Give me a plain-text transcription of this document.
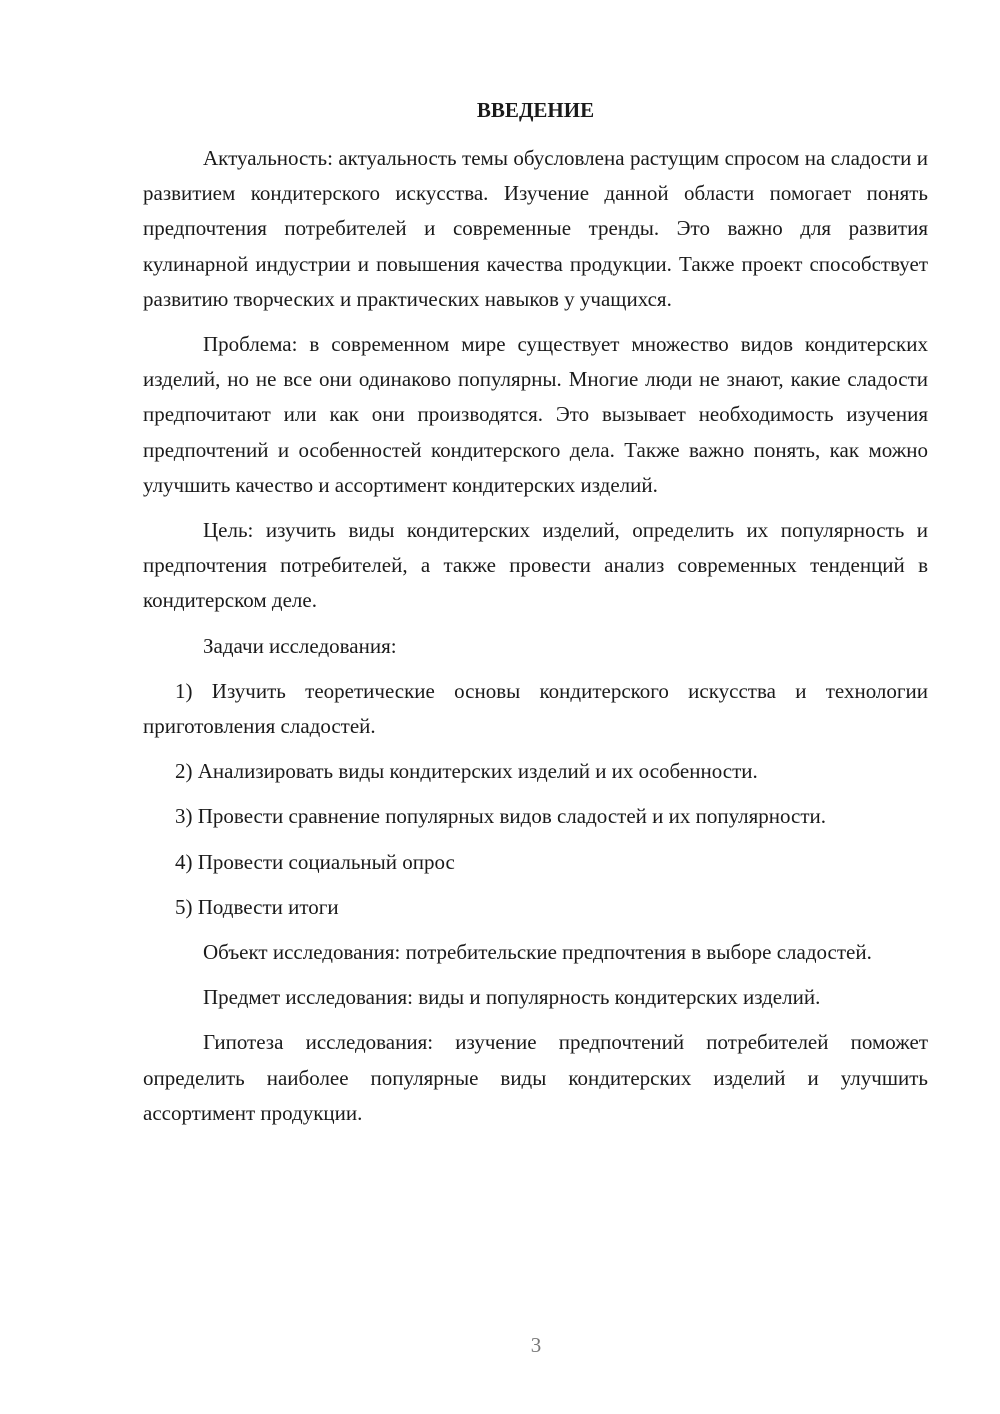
ВВЕДЕНИЕ

Актуальность: актуальность темы обусловлена растущим спросом на сладости и развитием кондитерского искусства. Изучение данной области помогает понять предпочтения потребителей и современные тренды. Это важно для развития кулинарной индустрии и повышения качества продукции. Также проект способствует развитию творческих и практических навыков у учащихся.

Проблема: в современном мире существует множество видов кондитерских изделий, но не все они одинаково популярны. Многие люди не знают, какие сладости предпочитают или как они производятся. Это вызывает необходимость изучения предпочтений и особенностей кондитерского дела. Также важно понять, как можно улучшить качество и ассортимент кондитерских изделий.

Цель: изучить виды кондитерских изделий, определить их популярность и предпочтения потребителей, а также провести анализ современных тенденций в кондитерском деле.

Задачи исследования:

1) Изучить теоретические основы кондитерского искусства и технологии приготовления сладостей.

2) Анализировать виды кондитерских изделий и их особенности.

3) Провести сравнение популярных видов сладостей и их популярности.

4) Провести социальный опрос

5) Подвести итоги

Объект исследования: потребительские предпочтения в выборе сладостей.

Предмет исследования: виды и популярность кондитерских изделий.

Гипотеза исследования: изучение предпочтений потребителей поможет определить наиболее популярные виды кондитерских изделий и улучшить ассортимент продукции.

3
